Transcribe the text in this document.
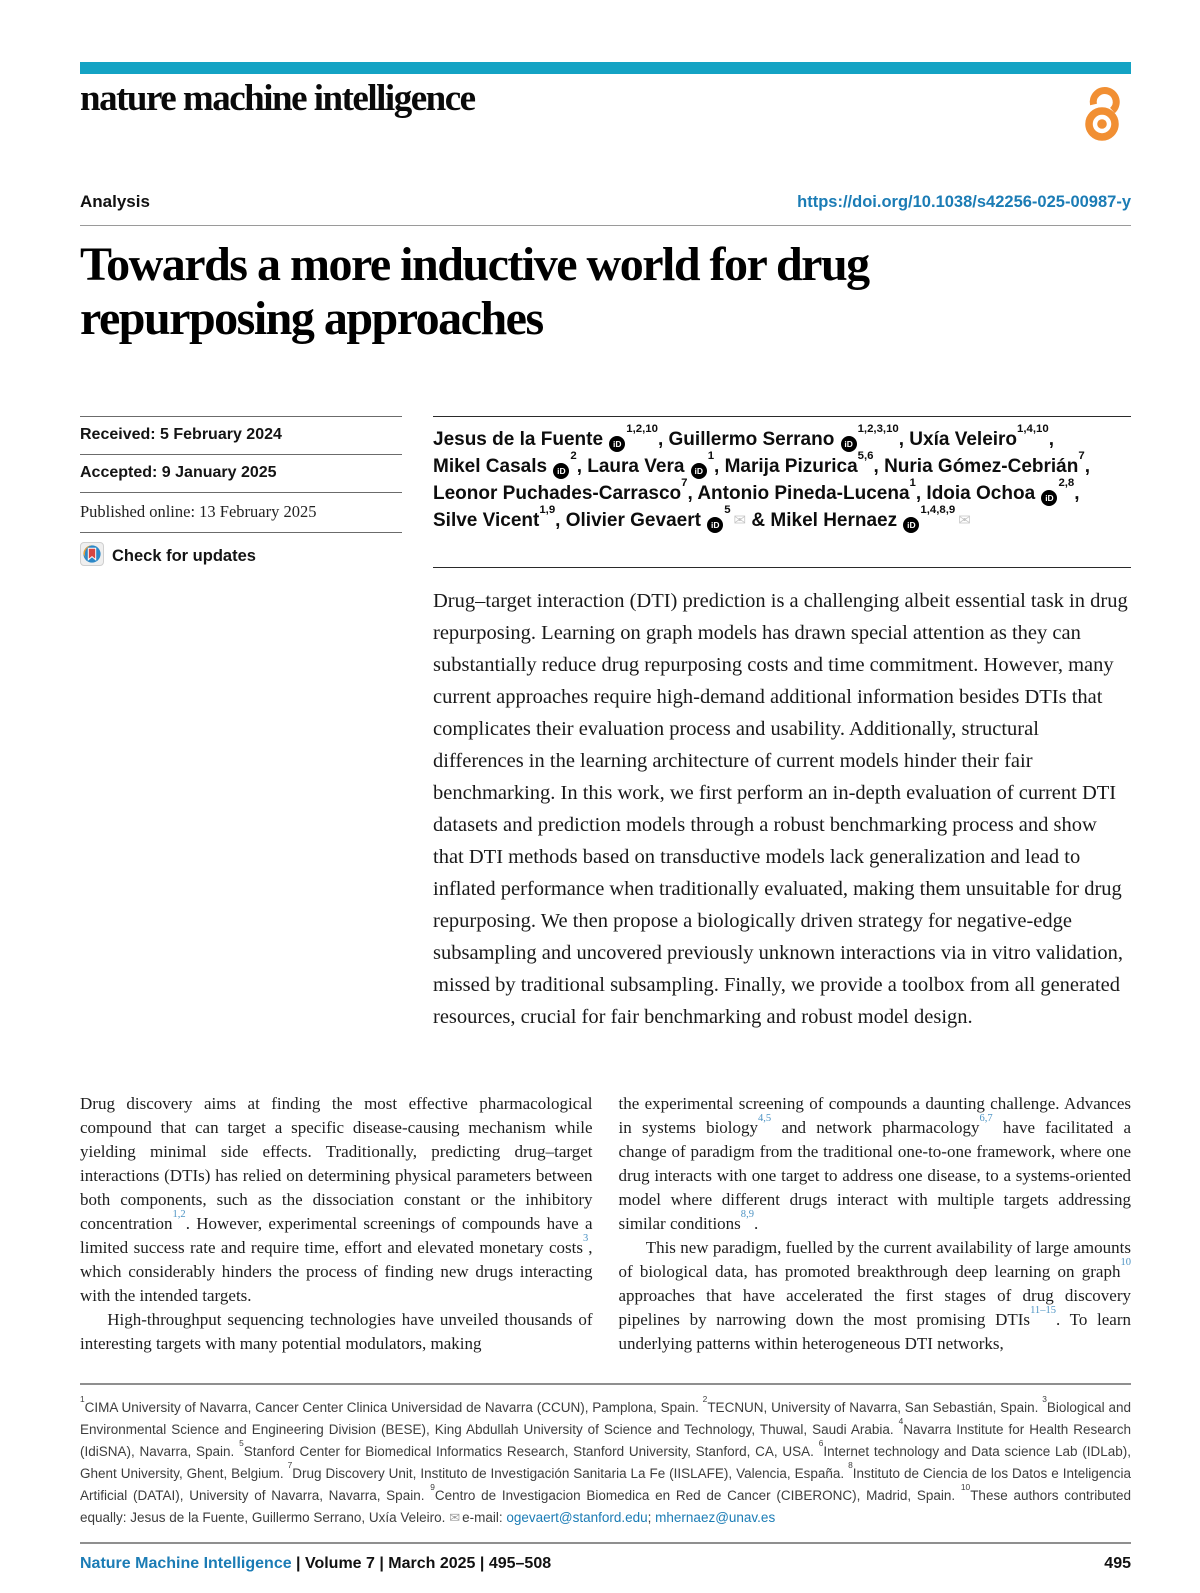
nature machine intelligence
Analysis	https://doi.org/10.1038/s42256-025-00987-y
Towards a more inductive world for drug repurposing approaches
Received: 5 February 2024
Accepted: 9 January 2025
Published online: 13 February 2025
Check for updates
Jesus de la Fuente iD$^{1,2,10}$, Guillermo Serrano iD$^{1,2,3,10}$, Uxía Veleiro$^{1,4,10}$,
Mikel Casals $iD^2$, Laura Vera $iD^1$, Marija Pizurica$^{5,6}$, Nuria Gómez-Cebrián$^7$,
Leonor Puchades-Carrasco$^7$, Antonio Pineda-Lucena$^1$, Idoia Ochoa iD$^{2,8}$,
Silve Vicent$^{1,9}$, Olivier Gevaert $iD^5✉$ & Mikel Hernaez iD$^{1,4,8,9}$✉
Drug–target interaction (DTI) prediction is a challenging albeit essential task in drug repurposing. Learning on graph models has drawn special attention as they can substantially reduce drug repurposing costs and time commitment. However, many current approaches require high-demand additional information besides DTIs that complicates their evaluation process and usability. Additionally, structural differences in the learning architecture of current models hinder their fair benchmarking. In this work, we first perform an in-depth evaluation of current DTI datasets and prediction models through a robust benchmarking process and show that DTI methods based on transductive models lack generalization and lead to inflated performance when traditionally evaluated, making them unsuitable for drug repurposing. We then propose a biologically driven strategy for negative-edge subsampling and uncovered previously unknown interactions via in vitro validation, missed by traditional subsampling. Finally, we provide a toolbox from all generated resources, crucial for fair benchmarking and robust model design.

Drug discovery aims at finding the most effective pharmacological compound that can target a specific disease-causing mechanism while yielding minimal side effects. Traditionally, predicting drug–target interactions (DTIs) has relied on determining physical parameters between both components, such as the dissociation constant or the inhibitory concentration$^{1,2}$. However, experimental screenings of compounds have a limited success rate and require time, effort and elevated monetary costs$^3$, which considerably hinders the process of finding new drugs interacting with the intended targets.

High-throughput sequencing technologies have unveiled thousands of interesting targets with many potential modulators, making

the experimental screening of compounds a daunting challenge. Advances in systems biology$^{4,5}$ and network pharmacology$^{6,7}$ have facilitated a change of paradigm from the traditional one-to-one framework, where one drug interacts with one target to address one disease, to a systems-oriented model where different drugs interact with multiple targets addressing similar conditions$^{8,9}$.

This new paradigm, fuelled by the current availability of large amounts of biological data, has promoted breakthrough deep learning on graph$^{10}$ approaches that have accelerated the first stages of drug discovery pipelines by narrowing down the most promising DTIs$^{11-15}$. To learn underlying patterns within heterogeneous DTI networks,

$^1$CIMA University of Navarra, Cancer Center Clinica Universidad de Navarra (CCUN), Pamplona, Spain. $^2$TECNUN, University of Navarra, San Sebastián, Spain. $^3$Biological and Environmental Science and Engineering Division (BESE), King Abdullah University of Science and Technology, Thuwal, Saudi Arabia. $^4$Navarra Institute for Health Research (IdiSNA), Navarra, Spain. $^5$Stanford Center for Biomedical Informatics Research, Stanford University, Stanford, CA, USA. $^6$Internet technology and Data science Lab (IDLab), Ghent University, Ghent, Belgium. $^7$Drug Discovery Unit, Instituto de Investigación Sanitaria La Fe (IISLAFE), Valencia, España. $^8$Instituto de Ciencia de los Datos e Inteligencia Artificial (DATAI), University of Navarra, Navarra, Spain. $^9$Centro de Investigacion Biomedica en Red de Cancer (CIBERONC), Madrid, Spain. $^{10}$These authors contributed equally: Jesus de la Fuente, Guillermo Serrano, Uxía Veleiro. ✉ e-mail: ogevaert@stanford.edu; mhernaez@unav.es
Nature Machine Intelligence | Volume 7 | March 2025 | 495–508	495
